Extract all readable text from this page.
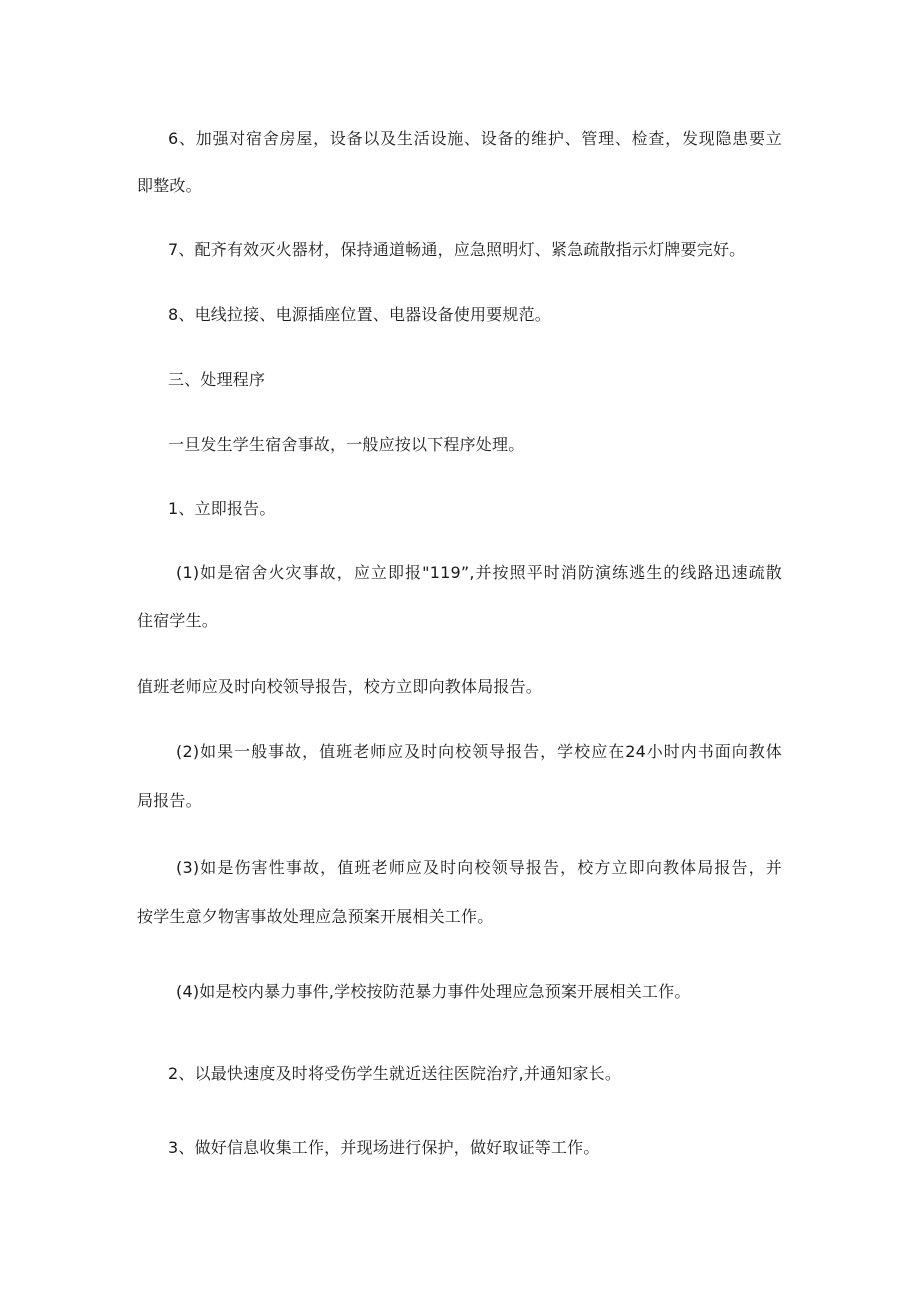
6、加强对宿舍房屋，设备以及生活设施、设备的维护、管理、检查，发现隐患要立
即整改。
7、配齐有效灭火器材，保持通道畅通，应急照明灯、紧急疏散指示灯牌要完好。
8、电线拉接、电源插座位置、电器设备使用要规范。
三、处理程序
一旦发生学生宿舍事故，一般应按以下程序处理。
1、立即报告。
(1)如是宿舍火灾事故，应立即报"119”,并按照平时消防演练逃生的线路迅速疏散
住宿学生。
值班老师应及时向校领导报告，校方立即向教体局报告。
(2)如果一般事故，值班老师应及时向校领导报告，学校应在24小时内书面向教体
局报告。
(3)如是伤害性事故，值班老师应及时向校领导报告，校方立即向教体局报告，并
按学生意夕物害事故处理应急预案开展相关工作。
(4)如是校内暴力事件,学校按防范暴力事件处理应急预案开展相关工作。
2、以最快速度及时将受伤学生就近送往医院治疗,并通知家长。
3、做好信息收集工作，并现场进行保护，做好取证等工作。
